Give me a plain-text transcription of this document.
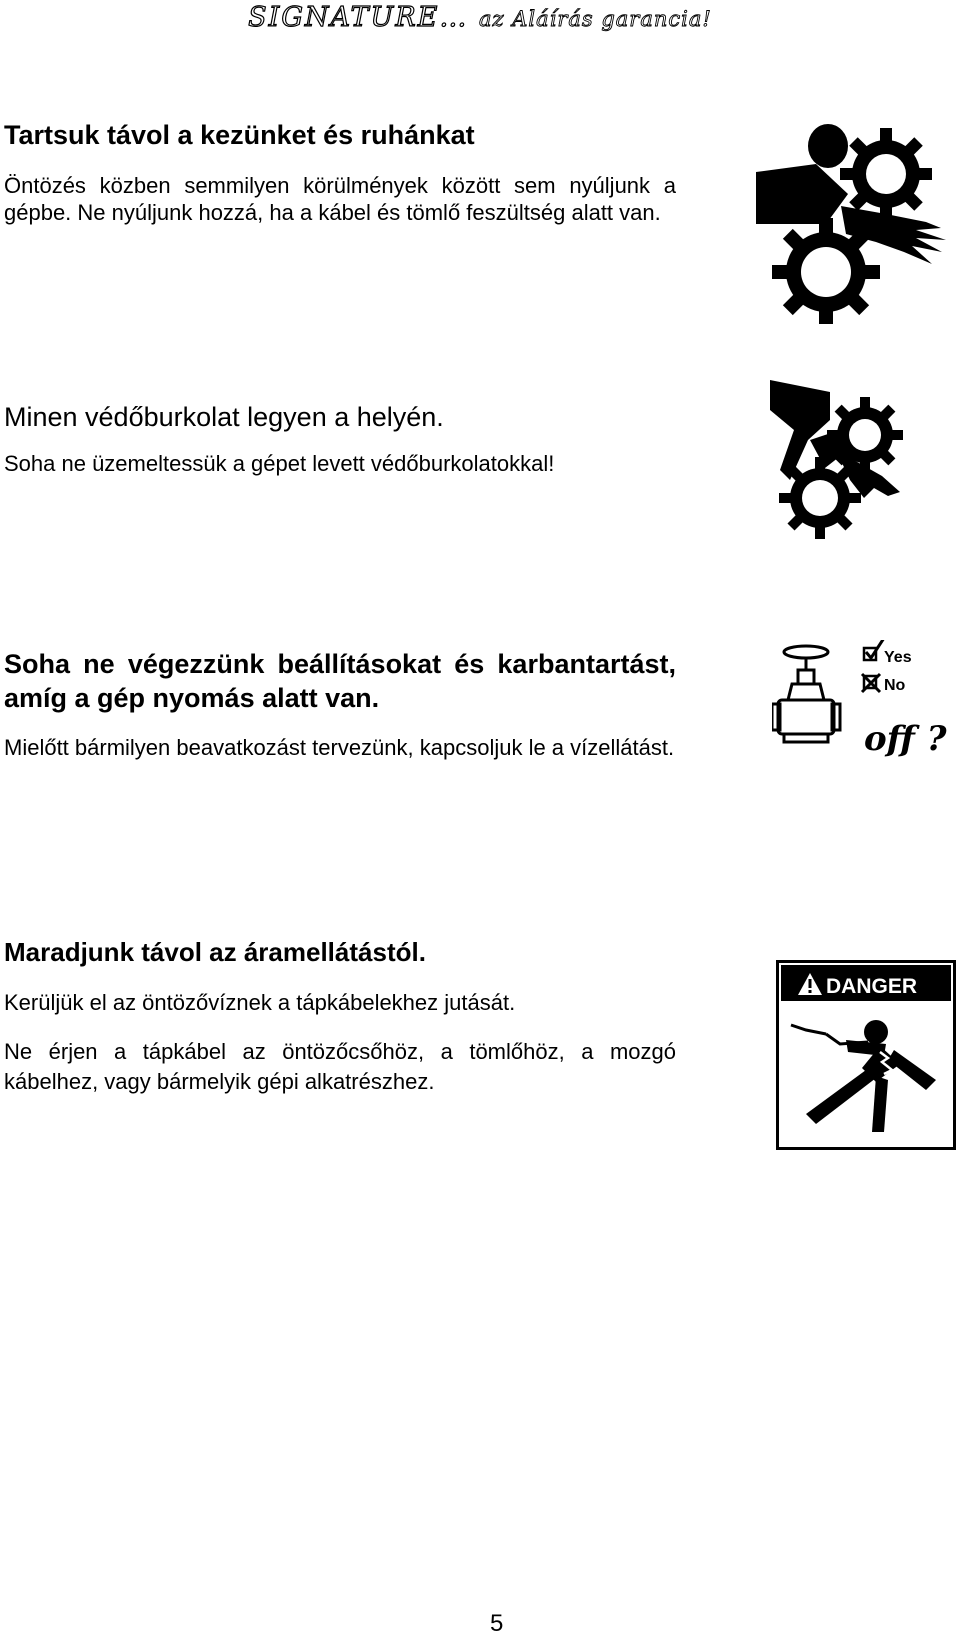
SIGNATURE… az Aláírás garancia!

Tartsuk távol a kezünket és ruhánkat

Öntözés közben semmilyen körülmények között sem nyúljunk a gépbe. Ne nyúljunk hozzá, ha a kábel és tömlő feszültség alatt van.

Minen védőburkolat legyen a helyén.

Soha ne üzemeltessük a gépet levett védőburkolatokkal!

Soha ne végezzünk beállításokat és karbantartást, amíg a gép nyomás alatt van.

Mielőtt bármilyen beavatkozást tervezünk, kapcsoljuk le a vízellátást.

Yes
No
off ?

Maradjunk távol az áramellátástól.

Kerüljük el az öntözővíznek a tápkábelekhez jutását.

Ne érjen a tápkábel az öntözőcsőhöz, a tömlőhöz, a mozgó kábelhez, vagy bármelyik gépi alkatrészhez.

DANGER
5
